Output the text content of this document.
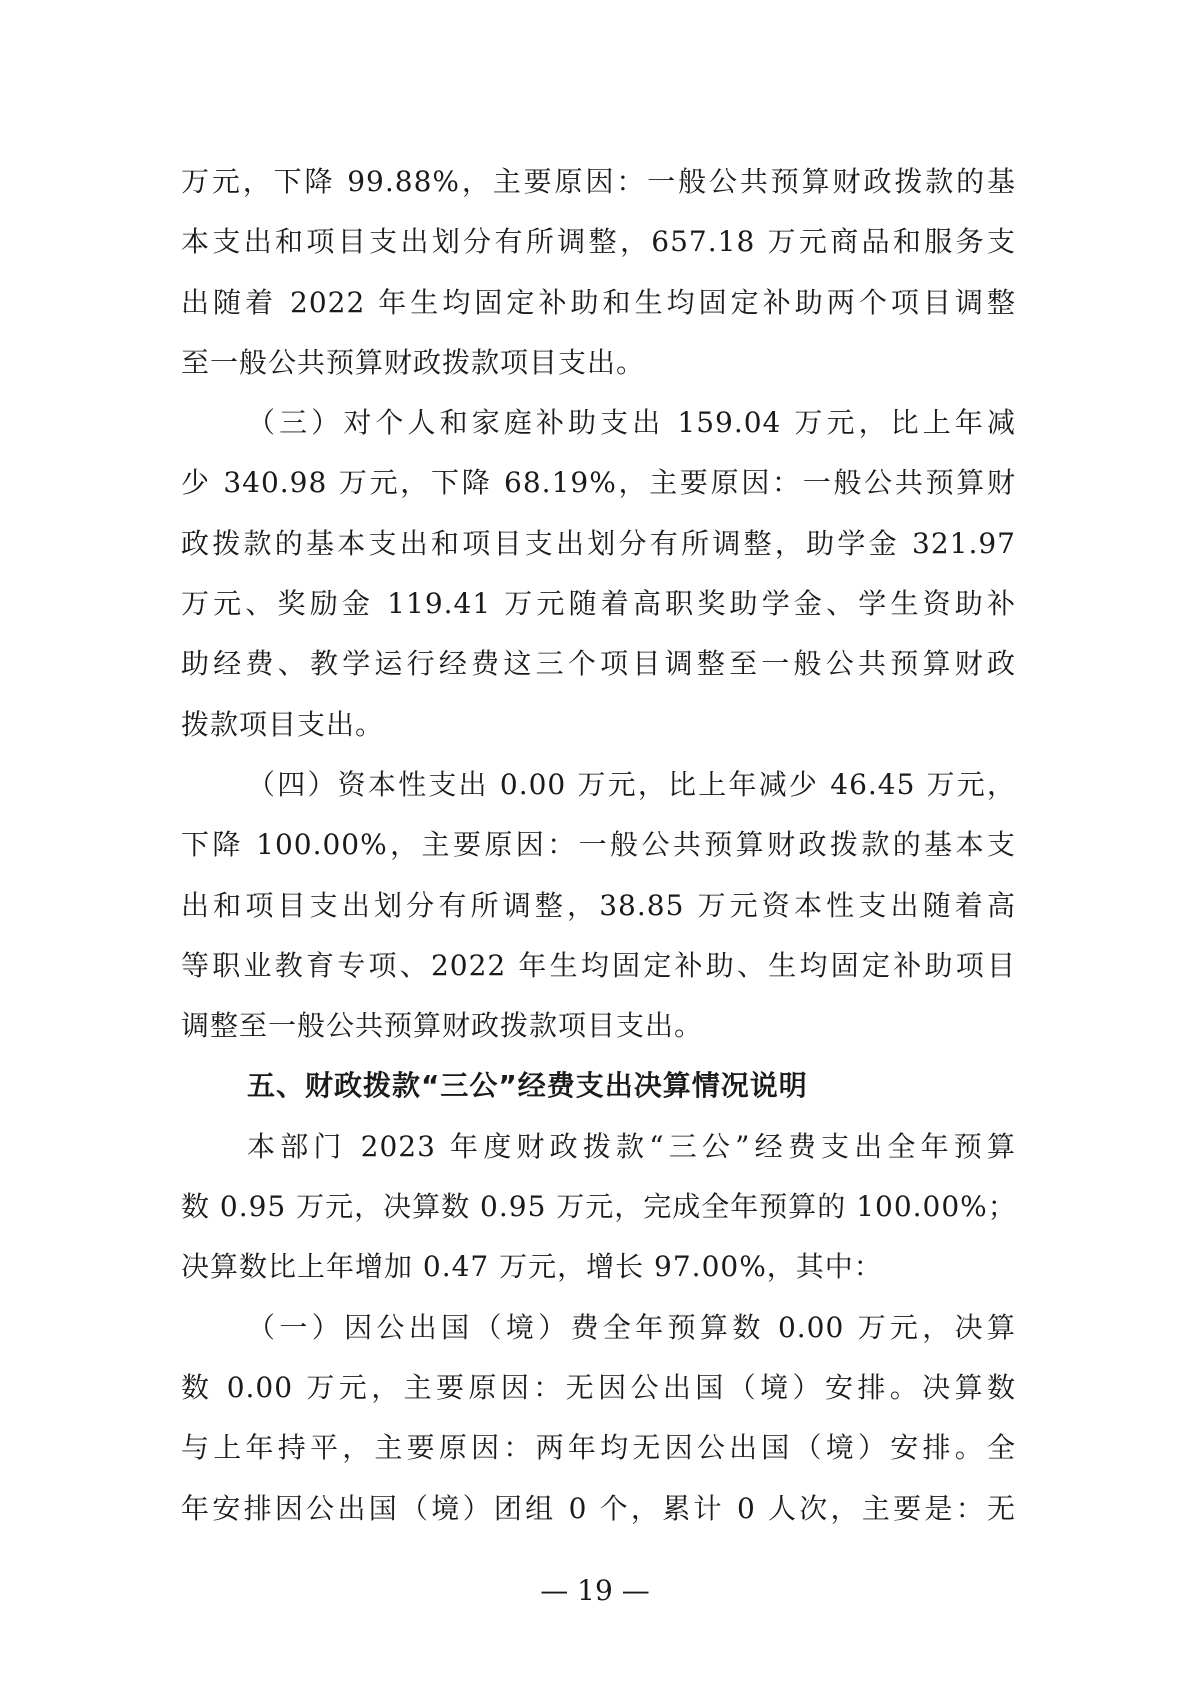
万元，下降 99.88%，主要原因：一般公共预算财政拨款的基
本支出和项目支出划分有所调整，657.18 万元商品和服务支
出随着 2022 年生均固定补助和生均固定补助两个项目调整
至一般公共预算财政拨款项目支出。
（三）对个人和家庭补助支出 159.04 万元，比上年减
少 340.98 万元，下降 68.19%，主要原因：一般公共预算财
政拨款的基本支出和项目支出划分有所调整，助学金 321.97
万元、奖励金 119.41 万元随着高职奖助学金、学生资助补
助经费、教学运行经费这三个项目调整至一般公共预算财政
拨款项目支出。
（四）资本性支出 0.00 万元，比上年减少 46.45 万元，
下降 100.00%，主要原因：一般公共预算财政拨款的基本支
出和项目支出划分有所调整，38.85 万元资本性支出随着高
等职业教育专项、2022 年生均固定补助、生均固定补助项目
调整至一般公共预算财政拨款项目支出。
五、财政拨款“三公”经费支出决算情况说明
本部门 2023 年度财政拨款“三公”经费支出全年预算
数 0.95 万元，决算数 0.95 万元，完成全年预算的 100.00%；
决算数比上年增加 0.47 万元，增长 97.00%，其中：
（一）因公出国（境）费全年预算数 0.00 万元，决算
数 0.00 万元，主要原因：无因公出国（境）安排。决算数
与上年持平，主要原因：两年均无因公出国（境）安排。全
年安排因公出国（境）团组 0 个，累计 0 人次，主要是：无
— 19 —
